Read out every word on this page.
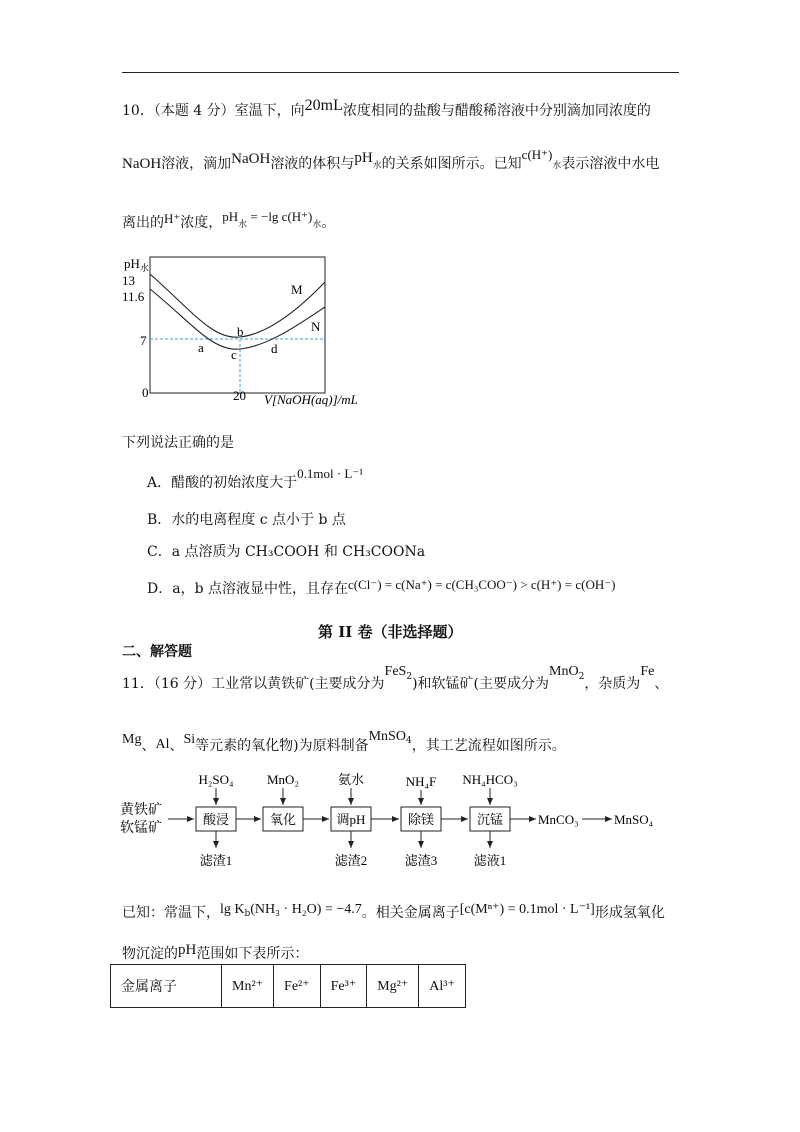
10．（本题 4 分）室温下，向20mL浓度相同的盐酸与醋酸稀溶液中分别滴加同浓度的
NaOH溶液，滴加NaOH溶液的体积与pH水的关系如图所示。已知c(H⁺)水表示溶液中水电
离出的H⁺浓度，pH水 = −lg c(H⁺)水。
$pH_水$
13
11.6
7
0	20 V[NaOH(aq)]/mL
M
N
a
b
c	d
下列说法正确的是
A．醋酸的初始浓度大于0.1mol · L⁻¹
B．水的电离程度 c 点小于 b 点
C．a 点溶质为 CH₃COOH 和 CH₃COONa
D．a，b 点溶液显中性，且存在c(Cl⁻) = c(Na⁺) = c(CH₃COO⁻) > c(H⁺) = c(OH⁻)
第 II 卷（非选择题）
二、解答题
11．（16 分）工业常以黄铁矿(主要成分为FeS$^2$)和软锰矿(主要成分为MnO$^2$，杂质为Fe、
Mg、Al、Si等元素的氧化物)为原料制备MnSO$^4$，其工艺流程如图所示。
黄铁矿
软锰矿
酸浸	氧化	调pH	除镁	沉锰	MnCO₃	MnSO₄
H₂SO₄	MnO₂	氨水	NH₄F NH₄HCO₃
滤渣1	滤渣2	滤渣3	滤液1
已知：常温下，lg Kb(NH₃ · H₂O) = −4.7。相关金属离子[c(Mⁿ⁺) = 0.1mol · L⁻¹]形成氢氧化
物沉淀的pH范围如下表所示：
金属离子	Mn²⁺	Fe²⁺	Fe³⁺	Mg²⁺	Al³⁺
